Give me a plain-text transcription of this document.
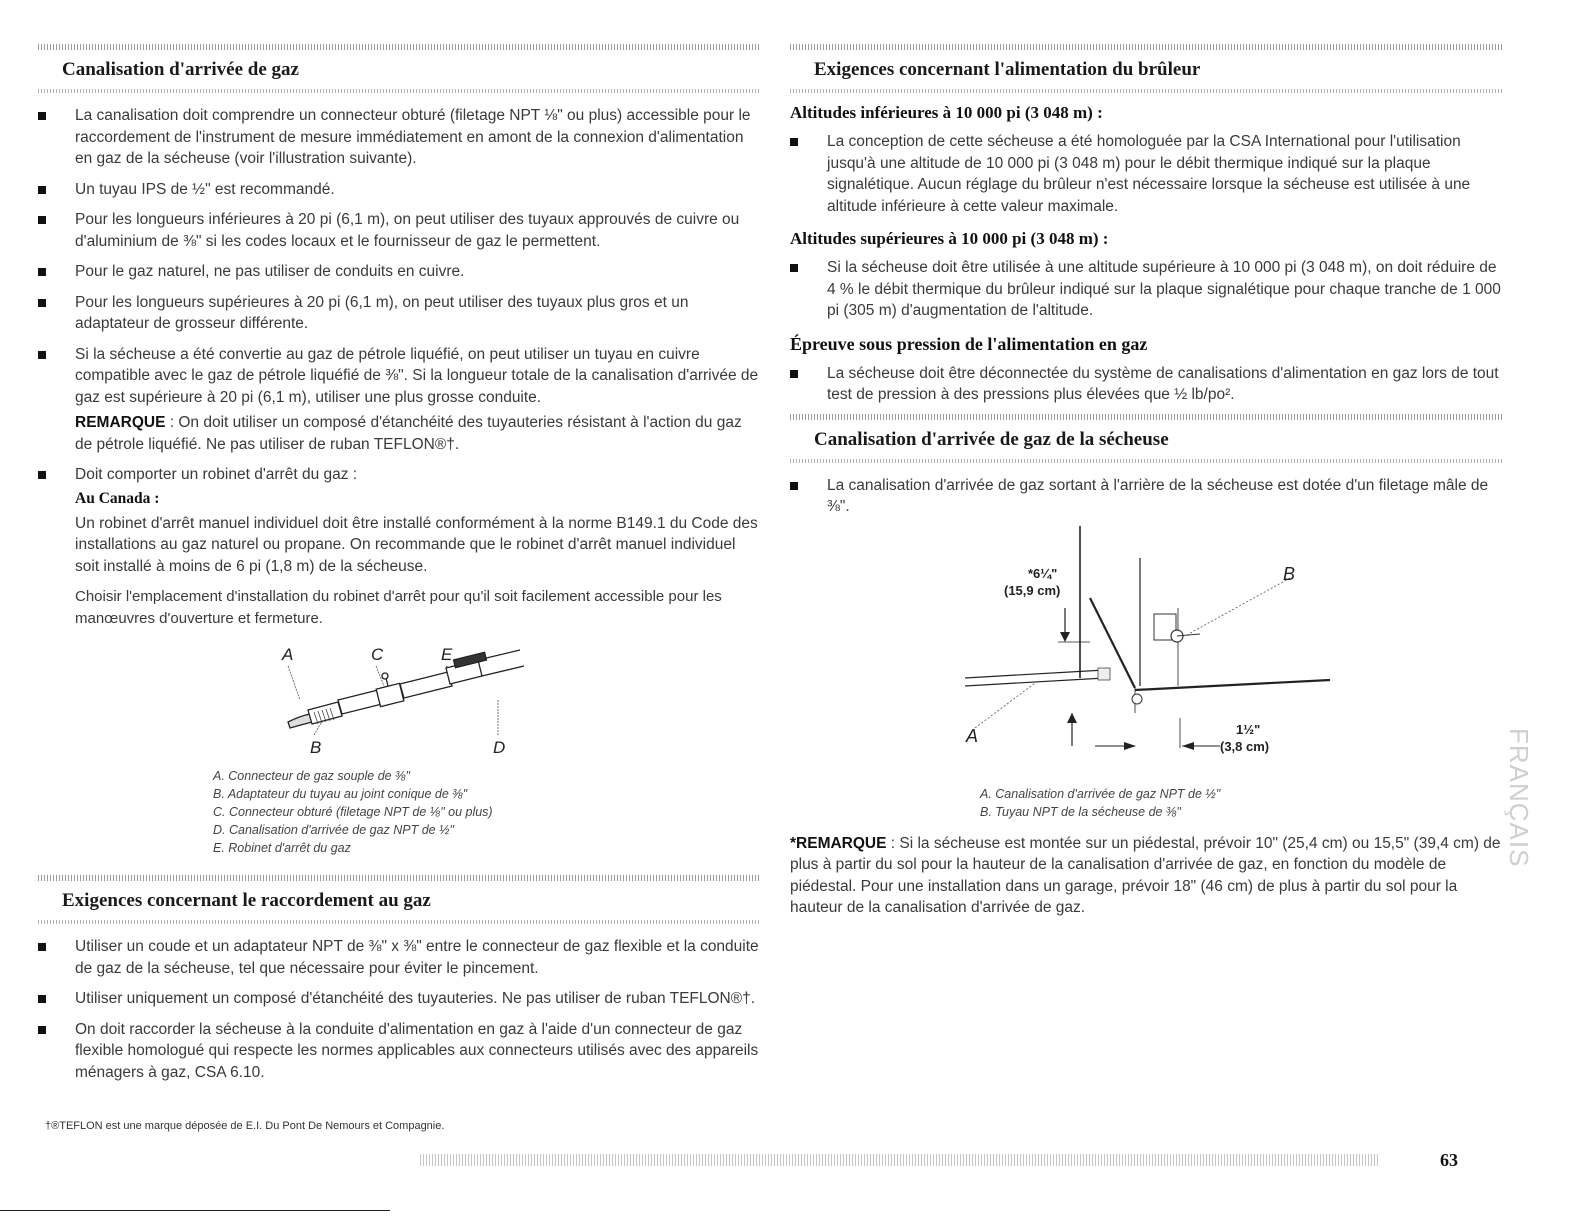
Canalisation d'arrivée de gaz
La canalisation doit comprendre un connecteur obturé (filetage NPT ⅛" ou plus) accessible pour le raccordement de l'instrument de mesure immédiatement en amont de la connexion d'alimentation en gaz de la sécheuse (voir l'illustration suivante).
Un tuyau IPS de ½" est recommandé.
Pour les longueurs inférieures à 20 pi (6,1 m), on peut utiliser des tuyaux approuvés de cuivre ou d'aluminium de ⅜" si les codes locaux et le fournisseur de gaz le permettent.
Pour le gaz naturel, ne pas utiliser de conduits en cuivre.
Pour les longueurs supérieures à 20 pi (6,1 m), on peut utiliser des tuyaux plus gros et un adaptateur de grosseur différente.
Si la sécheuse a été convertie au gaz de pétrole liquéfié, on peut utiliser un tuyau en cuivre compatible avec le gaz de pétrole liquéfié de ⅜". Si la longueur totale de la canalisation d'arrivée de gaz est supérieure à 20 pi (6,1 m), utiliser une plus grosse conduite.
REMARQUE : On doit utiliser un composé d'étanchéité des tuyauteries résistant à l'action du gaz de pétrole liquéfié. Ne pas utiliser de ruban TEFLON®†.
Doit comporter un robinet d'arrêt du gaz :
Au Canada :
Un robinet d'arrêt manuel individuel doit être installé conformément à la norme B149.1 du Code des installations au gaz naturel ou propane. On recommande que le robinet d'arrêt manuel individuel soit installé à moins de 6 pi (1,8 m) de la sécheuse.
Choisir l'emplacement d'installation du robinet d'arrêt pour qu'il soit facilement accessible pour les manœuvres d'ouverture et fermeture.
A	C	E
B	D
A. Connecteur de gaz souple de ⅜"
B. Adaptateur du tuyau au joint conique de ⅜"
C. Connecteur obturé (filetage NPT de ⅛" ou plus)
D. Canalisation d'arrivée de gaz NPT de ½"
E. Robinet d'arrêt du gaz
Exigences concernant le raccordement au gaz
Utiliser un coude et un adaptateur NPT de ⅜" x ⅜" entre le connecteur de gaz flexible et la conduite de gaz de la sécheuse, tel que nécessaire pour éviter le pincement.
Utiliser uniquement un composé d'étanchéité des tuyauteries. Ne pas utiliser de ruban TEFLON®†.
On doit raccorder la sécheuse à la conduite d'alimentation en gaz à l'aide d'un connecteur de gaz flexible homologué qui respecte les normes applicables aux connecteurs utilisés avec des appareils ménagers à gaz, CSA 6.10.
†®TEFLON est une marque déposée de E.I. Du Pont De Nemours et Compagnie.
Exigences concernant l'alimentation du brûleur
Altitudes inférieures à 10 000 pi (3 048 m) :
La conception de cette sécheuse a été homologuée par la CSA International pour l'utilisation jusqu'à une altitude de 10 000 pi (3 048 m) pour le débit thermique indiqué sur la plaque signalétique. Aucun réglage du brûleur n'est nécessaire lorsque la sécheuse est utilisée à une altitude inférieure à cette valeur maximale.
Altitudes supérieures à 10 000 pi (3 048 m) :
Si la sécheuse doit être utilisée à une altitude supérieure à 10 000 pi (3 048 m), on doit réduire de 4 % le débit thermique du brûleur indiqué sur la plaque signalétique pour chaque tranche de 1 000 pi (305 m) d'augmentation de l'altitude.
Épreuve sous pression de l'alimentation en gaz
La sécheuse doit être déconnectée du système de canalisations d'alimentation en gaz lors de tout test de pression à des pressions plus élevées que ½ lb/po².
Canalisation d'arrivée de gaz de la sécheuse
La canalisation d'arrivée de gaz sortant à l'arrière de la sécheuse est dotée d'un filetage mâle de ⅜".
*6¼"
(15,9 cm)
B
A	1½"
(3,8 cm)
A. Canalisation d'arrivée de gaz NPT de ½"
B. Tuyau NPT de la sécheuse de ⅜"
*REMARQUE : Si la sécheuse est montée sur un piédestal, prévoir 10" (25,4 cm) ou 15,5" (39,4 cm) de plus à partir du sol pour la hauteur de la canalisation d'arrivée de gaz, en fonction du modèle de piédestal. Pour une installation dans un garage, prévoir 18" (46 cm) de plus à partir du sol pour la hauteur de la canalisation d'arrivée de gaz.
FRANÇAIS
63
